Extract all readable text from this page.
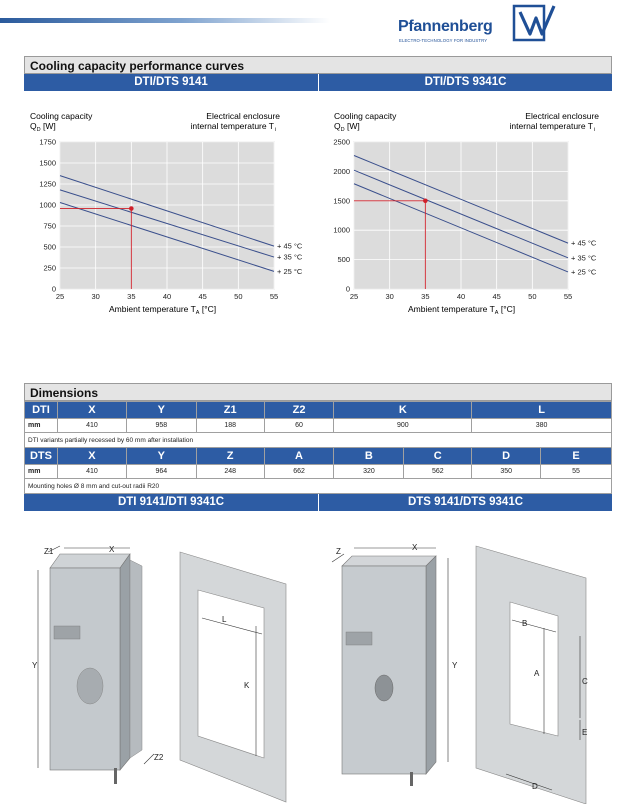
Pfannenberg
ELECTRO-TECHNOLOGY FOR INDUSTRY
Cooling capacity performance curves
DTI/DTS 9141	DTI/DTS 9341C
Cooling capacity
$Q_D$ [W]
Electrical enclosure
internal temperature T i
25	30	35	40	45	50	55
0
250
500
750
1000
1250
1500
1750
+ 45 °C
+ 35 °C
+ 25 °C
Ambient temperature $T_A$ [°C]
Cooling capacity
$Q_D$ [W]
Electrical enclosure
internal temperature T i
25	30	35	40	45	50	55
0
500
1000
1500
2000
2500
+ 45 °C
+ 35 °C
+ 25 °C
Ambient temperature $T_A$ [°C]
Dimensions
DTI	X	Y	Z1	Z2	K		L	
mm	410	958	188	60	900		380	
DTI variants partially recessed by 60 mm after installation								
DTS	X	Y	Z	A	B	C	D	E
mm	410	964	248	662	320	562	350	55
Mounting holes Ø 8 mm and cut-out radii R20								
DTI 9141/DTI 9341C	DTS 9141/DTS 9341C
Z1	X
Y
Z2
L
K
Z	X
Y
B
A
C
E
D
